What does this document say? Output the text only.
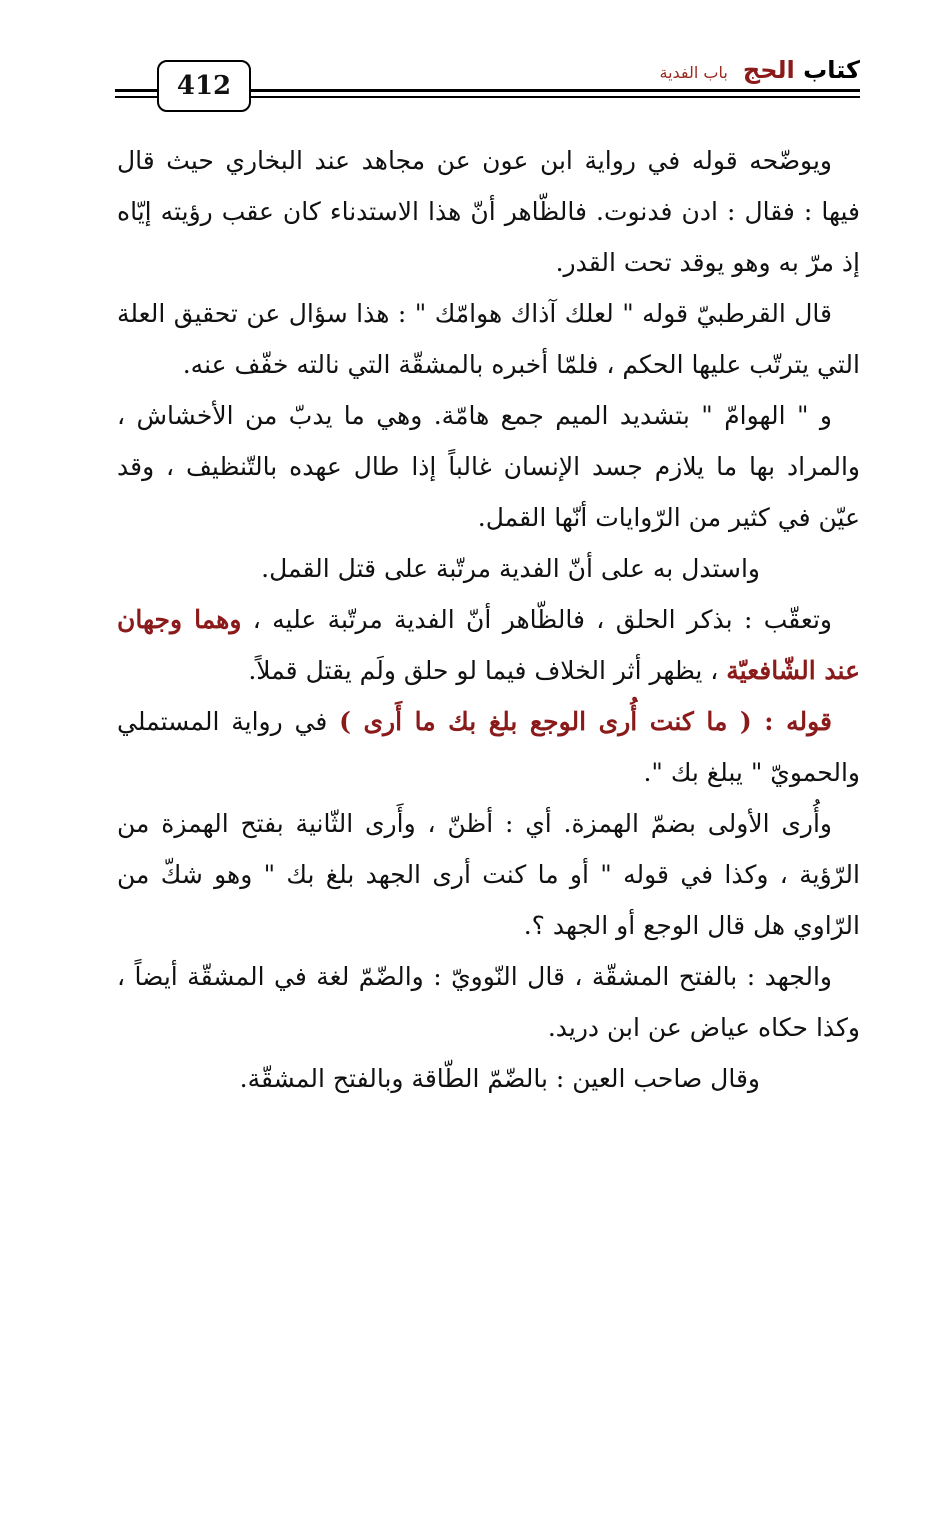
412
كتاب الحج باب الفدية

ويوضّحه قوله في رواية ابن عون عن مجاهد عند البخاري حيث قال فيها : فقال : ادن فدنوت. فالظّاهر أنّ هذا الاستدناء كان عقب رؤيته إيّاه إذ مرّ به وهو يوقد تحت القدر.

قال القرطبيّ قوله " لعلك آذاك هوامّك " : هذا سؤال عن تحقيق العلة التي يترتّب عليها الحكم ، فلمّا أخبره بالمشقّة التي نالته خفّف عنه.

و " الهوامّ " بتشديد الميم جمع هامّة. وهي ما يدبّ من الأخشاش ، والمراد بها ما يلازم جسد الإنسان غالباً إذا طال عهده بالتّنظيف ، وقد عيّن في كثير من الرّوايات أنّها القمل.

واستدل به على أنّ الفدية مرتّبة على قتل القمل.

وتعقّب : بذكر الحلق ، فالظّاهر أنّ الفدية مرتّبة عليه ، وهما وجهان عند الشّافعيّة ، يظهر أثر الخلاف فيما لو حلق ولَم يقتل قملاً.

قوله : ( ما كنت أُرى الوجع بلغ بك ما أَرى ) في رواية المستملي والحمويّ " يبلغ بك ".

وأُرى الأولى بضمّ الهمزة. أي : أظنّ ، وأَرى الثّانية بفتح الهمزة من الرّؤية ، وكذا في قوله " أو ما كنت أرى الجهد بلغ بك " وهو شكّ من الرّاوي هل قال الوجع أو الجهد ؟.

والجهد : بالفتح المشقّة ، قال النّوويّ : والضّمّ لغة في المشقّة أيضاً ، وكذا حكاه عياض عن ابن دريد.

وقال صاحب العين : بالضّمّ الطّاقة وبالفتح المشقّة.
